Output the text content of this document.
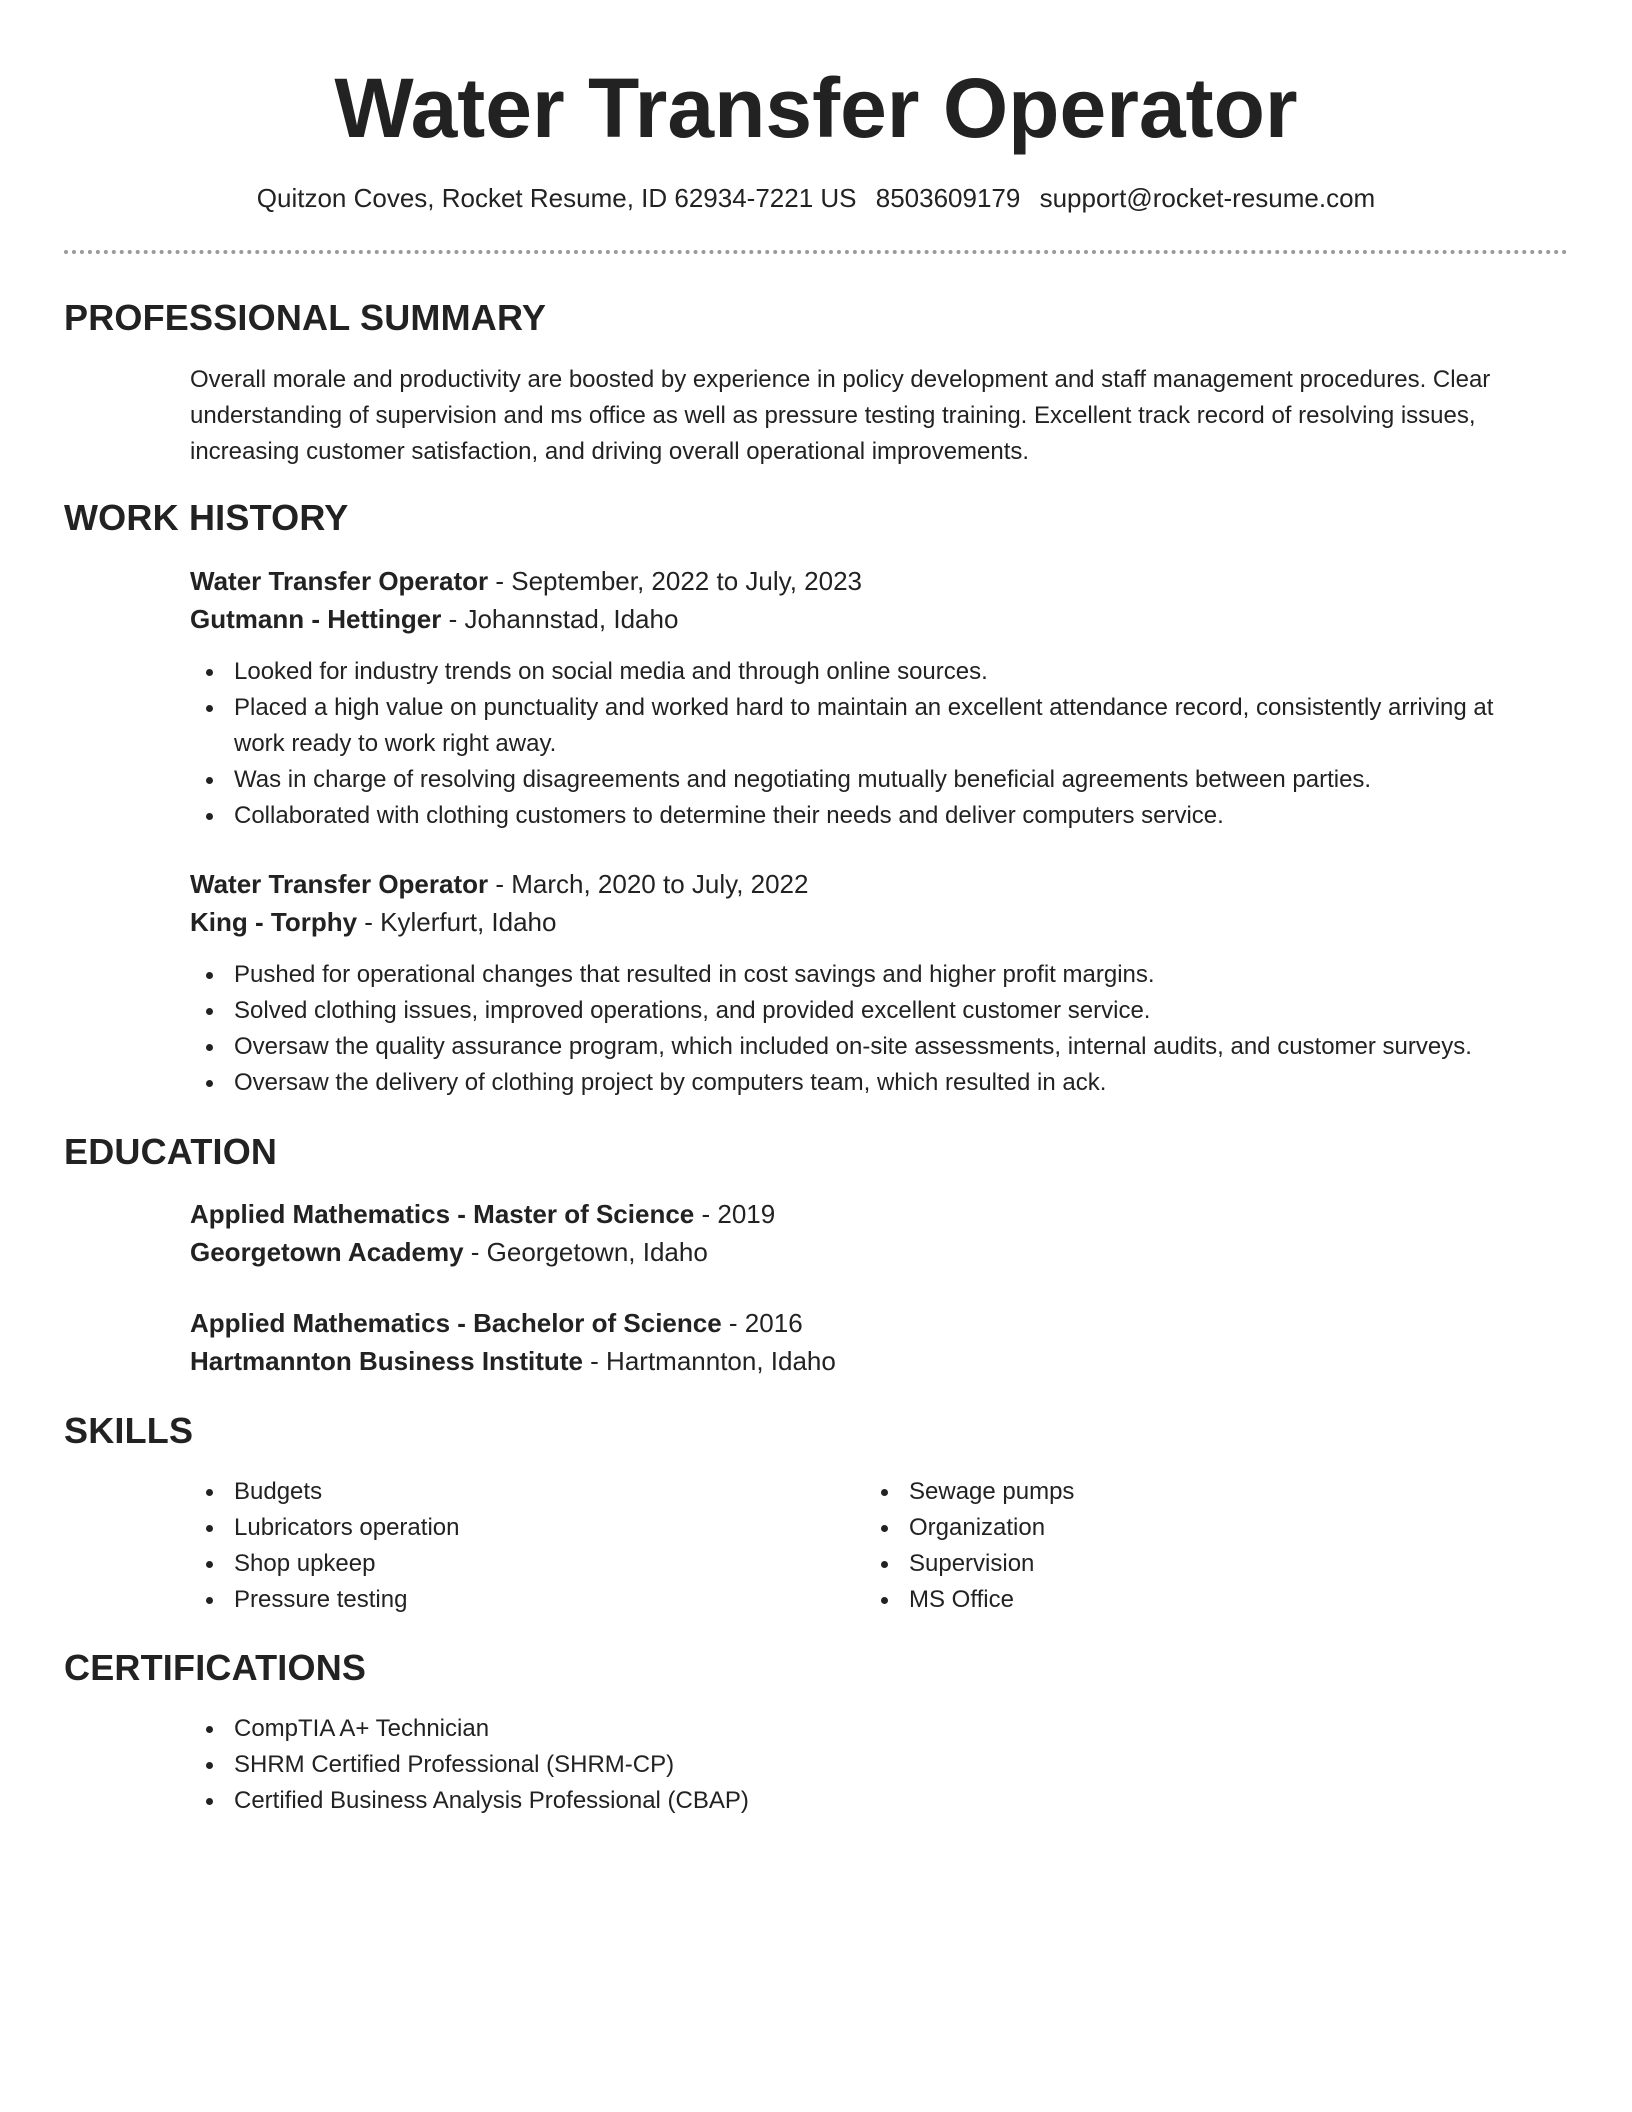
Water Transfer Operator
Quitzon Coves, Rocket Resume, ID 62934-7221 US 8503609179 support@rocket-resume.com
PROFESSIONAL SUMMARY
Overall morale and productivity are boosted by experience in policy development and staff management procedures. Clear understanding of supervision and ms office as well as pressure testing training. Excellent track record of resolving issues, increasing customer satisfaction, and driving overall operational improvements.
WORK HISTORY
Water Transfer Operator - September, 2022 to July, 2023
Gutmann - Hettinger - Johannstad, Idaho
Looked for industry trends on social media and through online sources.
Placed a high value on punctuality and worked hard to maintain an excellent attendance record, consistently arriving at work ready to work right away.
Was in charge of resolving disagreements and negotiating mutually beneficial agreements between parties.
Collaborated with clothing customers to determine their needs and deliver computers service.
Water Transfer Operator - March, 2020 to July, 2022
King - Torphy - Kylerfurt, Idaho
Pushed for operational changes that resulted in cost savings and higher profit margins.
Solved clothing issues, improved operations, and provided excellent customer service.
Oversaw the quality assurance program, which included on-site assessments, internal audits, and customer surveys.
Oversaw the delivery of clothing project by computers team, which resulted in ack.
EDUCATION
Applied Mathematics - Master of Science - 2019
Georgetown Academy - Georgetown, Idaho
Applied Mathematics - Bachelor of Science - 2016
Hartmannton Business Institute - Hartmannton, Idaho
SKILLS
Budgets
Lubricators operation
Shop upkeep
Pressure testing
Sewage pumps
Organization
Supervision
MS Office
CERTIFICATIONS
CompTIA A+ Technician
SHRM Certified Professional (SHRM-CP)
Certified Business Analysis Professional (CBAP)
